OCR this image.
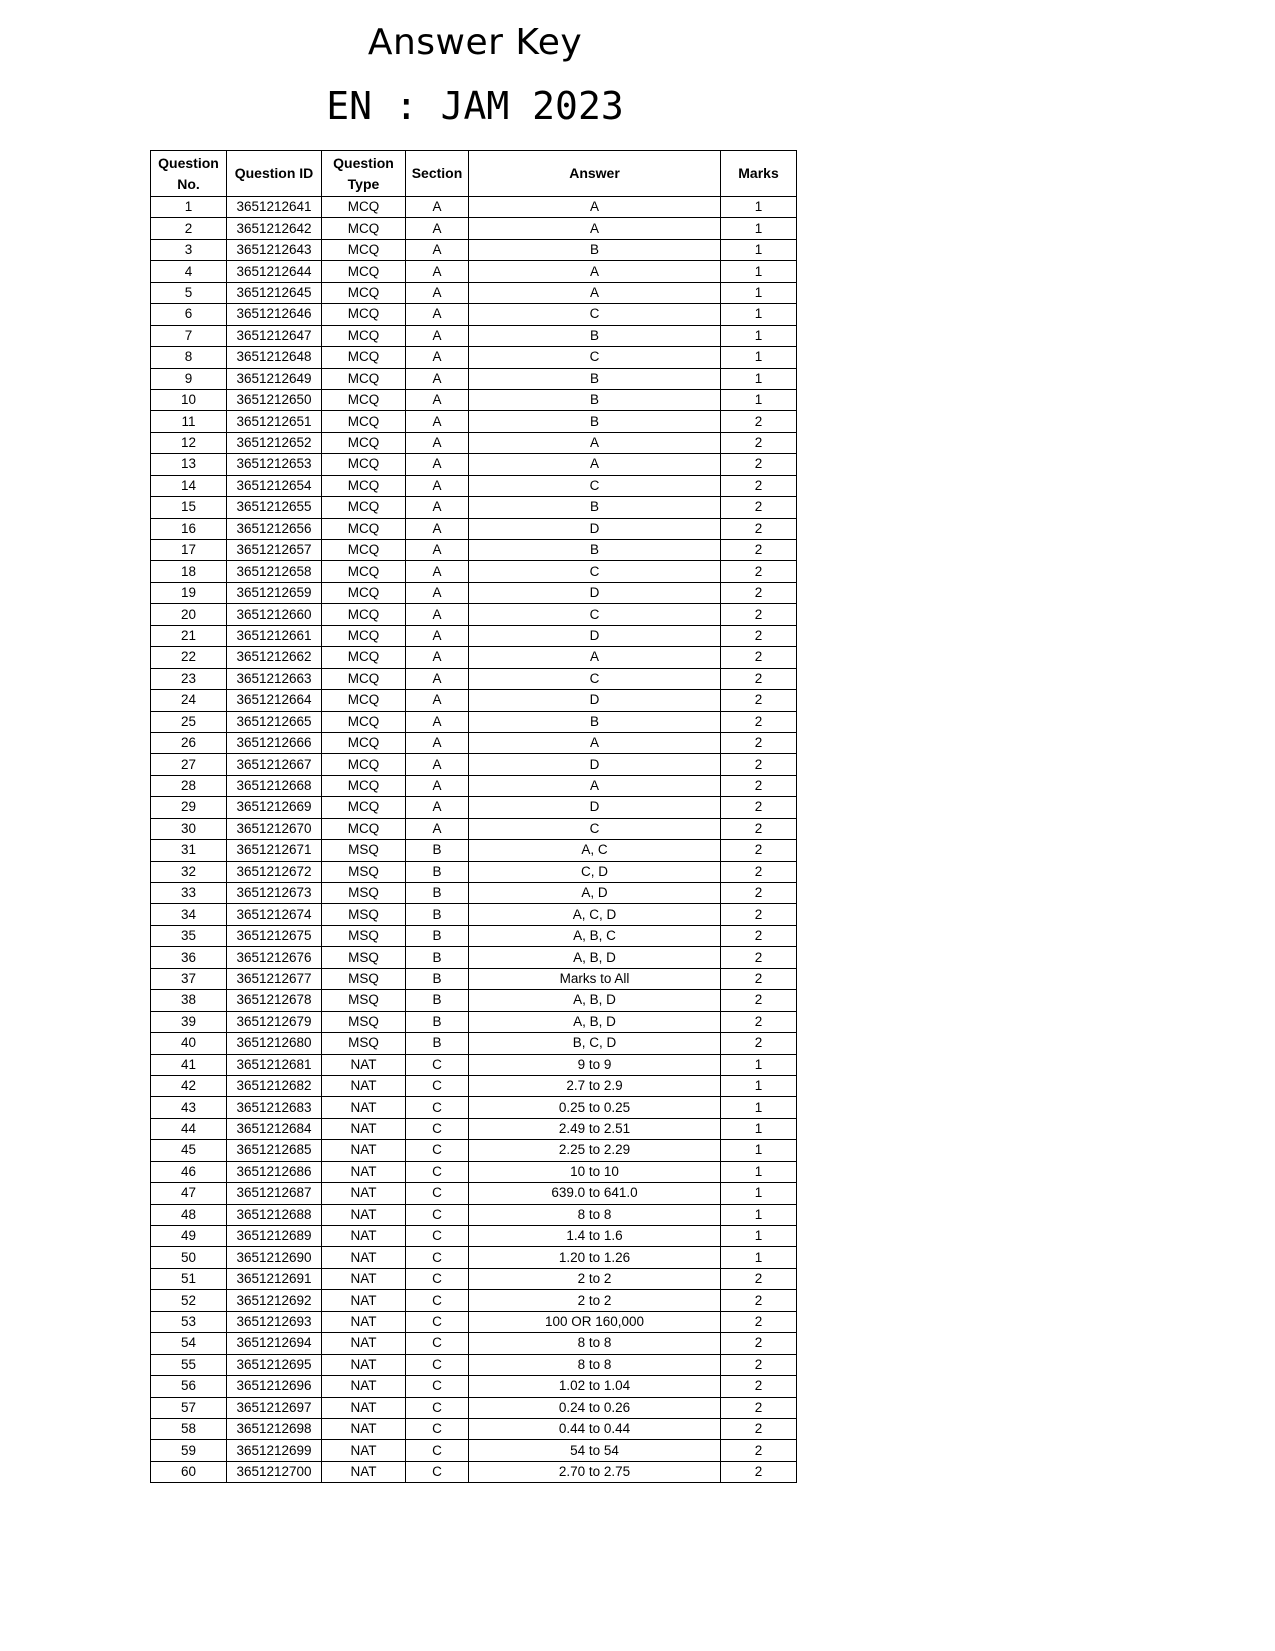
Answer Key
EN : JAM 2023
Question No.	Question ID	Question Type	Section	Answer	Marks
1	3651212641	MCQ	A	A	1
2	3651212642	MCQ	A	A	1
3	3651212643	MCQ	A	B	1
4	3651212644	MCQ	A	A	1
5	3651212645	MCQ	A	A	1
6	3651212646	MCQ	A	C	1
7	3651212647	MCQ	A	B	1
8	3651212648	MCQ	A	C	1
9	3651212649	MCQ	A	B	1
10	3651212650	MCQ	A	B	1
11	3651212651	MCQ	A	B	2
12	3651212652	MCQ	A	A	2
13	3651212653	MCQ	A	A	2
14	3651212654	MCQ	A	C	2
15	3651212655	MCQ	A	B	2
16	3651212656	MCQ	A	D	2
17	3651212657	MCQ	A	B	2
18	3651212658	MCQ	A	C	2
19	3651212659	MCQ	A	D	2
20	3651212660	MCQ	A	C	2
21	3651212661	MCQ	A	D	2
22	3651212662	MCQ	A	A	2
23	3651212663	MCQ	A	C	2
24	3651212664	MCQ	A	D	2
25	3651212665	MCQ	A	B	2
26	3651212666	MCQ	A	A	2
27	3651212667	MCQ	A	D	2
28	3651212668	MCQ	A	A	2
29	3651212669	MCQ	A	D	2
30	3651212670	MCQ	A	C	2
31	3651212671	MSQ	B	A, C	2
32	3651212672	MSQ	B	C, D	2
33	3651212673	MSQ	B	A, D	2
34	3651212674	MSQ	B	A, C, D	2
35	3651212675	MSQ	B	A, B, C	2
36	3651212676	MSQ	B	A, B, D	2
37	3651212677	MSQ	B	Marks to All	2
38	3651212678	MSQ	B	A, B, D	2
39	3651212679	MSQ	B	A, B, D	2
40	3651212680	MSQ	B	B, C, D	2
41	3651212681	NAT	C	9 to 9	1
42	3651212682	NAT	C	2.7 to 2.9	1
43	3651212683	NAT	C	0.25 to 0.25	1
44	3651212684	NAT	C	2.49 to 2.51	1
45	3651212685	NAT	C	2.25 to 2.29	1
46	3651212686	NAT	C	10 to 10	1
47	3651212687	NAT	C	639.0 to 641.0	1
48	3651212688	NAT	C	8 to 8	1
49	3651212689	NAT	C	1.4 to 1.6	1
50	3651212690	NAT	C	1.20 to 1.26	1
51	3651212691	NAT	C	2 to 2	2
52	3651212692	NAT	C	2 to 2	2
53	3651212693	NAT	C	100 OR 160,000	2
54	3651212694	NAT	C	8 to 8	2
55	3651212695	NAT	C	8 to 8	2
56	3651212696	NAT	C	1.02 to 1.04	2
57	3651212697	NAT	C	0.24 to 0.26	2
58	3651212698	NAT	C	0.44 to 0.44	2
59	3651212699	NAT	C	54 to 54	2
60	3651212700	NAT	C	2.70 to 2.75	2
